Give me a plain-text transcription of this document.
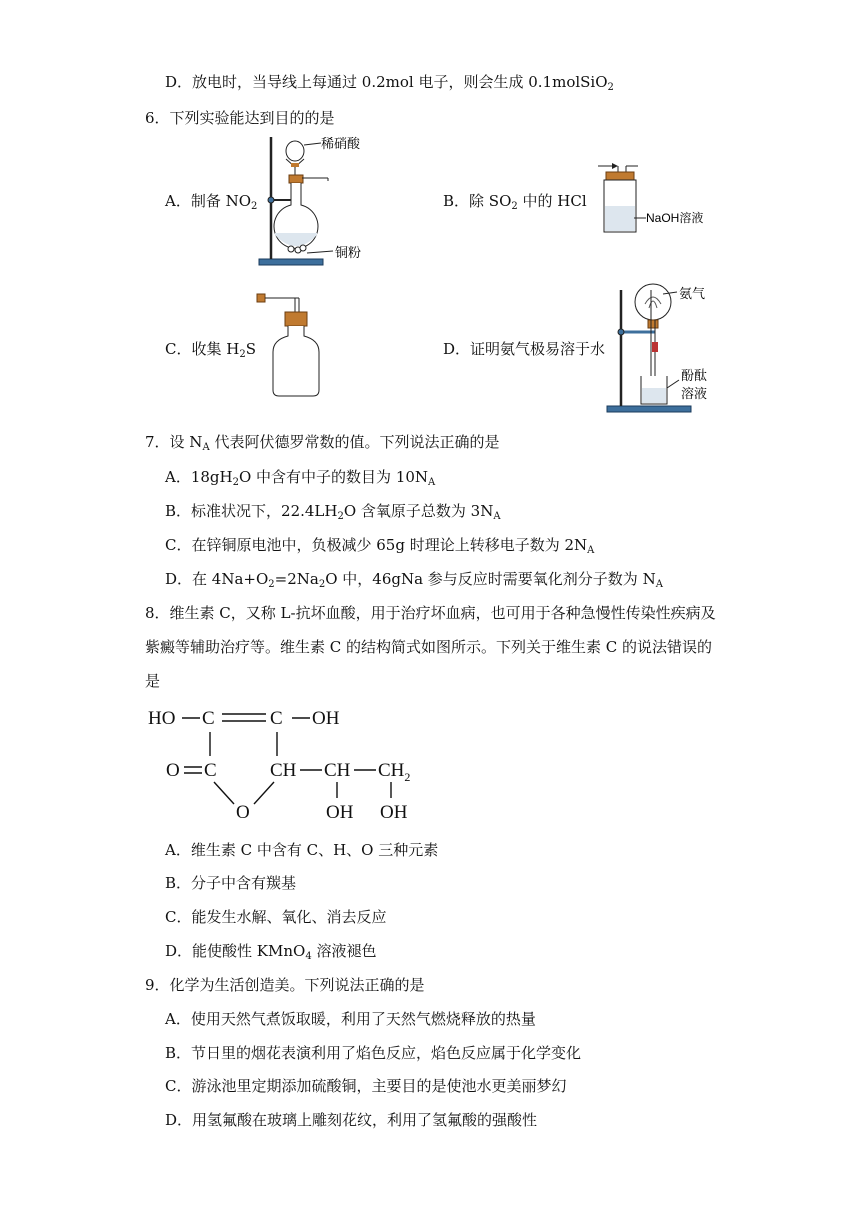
D．放电时，当导线上每通过 0.2mol 电子，则会生成 0.1molSiO$_2$
6．下列实验能达到目的的是
A．制备 $NO_2$	B．除 $SO_2$ 中的 HCl
稀硝酸
铜粉
NaOH溶液
C．收集 $H_2S$	D．证明氨气极易溶于水
氨气
酚酞
溶液
7．设 $N_A$ 代表阿伏德罗常数的值。下列说法正确的是
A．$18gH_2O$ 中含有中子的数目为 $10N_A$
B．标准状况下，$22.4LH_2O$ 含氧原子总数为 $3N_A$
C．在锌铜原电池中，负极减少 65g 时理论上转移电子数为 $2N_A$
D．在 $4Na+O_2=2Na_2O$ 中，46gNa 参与反应时需要氧化剂分子数为 $N_A$
8．维生素 C，又称 L-抗坏血酸，用于治疗坏血病，也可用于各种急慢性传染性疾病及
紫癜等辅助治疗等。维生素 C 的结构简式如图所示。下列关于维生素 C 的说法错误的
是
HO C	C OH
O C	CH CH $CH_2$
O	OH OH
A．维生素 C 中含有 C、H、O 三种元素
B．分子中含有羰基
C．能发生水解、氧化、消去反应
D．能使酸性 KMnO$_4$ 溶液褪色
9．化学为生活创造美。下列说法正确的是
A．使用天然气煮饭取暖，利用了天然气燃烧释放的热量
B．节日里的烟花表演利用了焰色反应，焰色反应属于化学变化
C．游泳池里定期添加硫酸铜，主要目的是使池水更美丽梦幻
D．用氢氟酸在玻璃上雕刻花纹，利用了氢氟酸的强酸性
